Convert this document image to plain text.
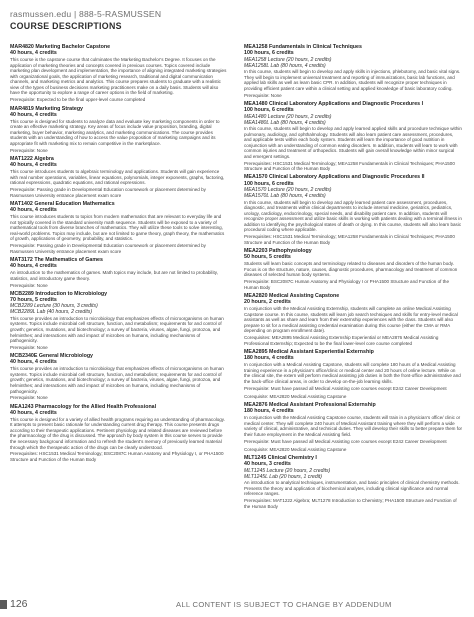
rasmussen.edu | 888-5-RASMUSSEN
COURSE DESCRIPTIONS
MAR4820 Marketing Bachelor Capstone
40 hours, 4 credits
This course is the capstone course that culminates the Marketing Bachelor’s Degree. It focuses on the application of marketing theories and concepts covered in previous courses. Topics covered include marketing plan development and implementation, the importance of aligning integrated marketing strategies with organizational goals, the application of marketing research, traditional and digital communication channels, and marketing metrics and analytics. This course prepares students to graduate with a realistic view of the types of business decisions marketing practitioners make on a daily basis. Students will also have the opportunity to explore a range of career options in the field of marketing.
Prerequisite: Expected to be the final upper-level course completed
MAR4819 Marketing Strategy
40 hours, 4 credits
This course is designed for students to analyze data and evaluate key marketing components in order to create an effective marketing strategy. Key areas of focus include value proposition, branding, digital marketing, buyer behavior, marketing analytics, and marketing communications. The course provides students with an understanding of how to access the value proposition of marketing campaigns and its appropriate fit with marketing mix to remain competitive in the marketplace.
Prerequisite: None
MAT1222 Algebra
40 hours, 4 credits
This course introduces students to algebraic terminology and applications. Students will gain experience with real number operations, variables, linear equations, polynomials, integer exponents, graphs, factoring, rational expressions, quadratic equations, and rational expressions.
Prerequisite: Passing grade in Developmental Education coursework or placement determined by Rasmussen University entrance placement exam score
MAT1402 General Education Mathematics
40 hours, 4 credits
This course introduces students to topics from modern mathematics that are relevant to everyday life and not typically covered in the standard university math sequence. Students will be exposed to a variety of mathematical tools from diverse branches of mathematics. They will utilize these tools to solve interesting, real-world problems. Topics may include, but are not limited to game theory, graph theory, the mathematics of growth, applications of geometry, probability, and statistics.
Prerequisite: Passing grade in Developmental Education coursework or placement determined by Rasmussen University entrance placement exam score
MAT3172 The Mathematics of Games
40 hours, 4 credits
An introduction to the mathematics of games. Math topics may include, but are not limited to probability, statistics, and introductory game theory.
Prerequisite: None
MCB2289 Introduction to Microbiology
70 hours, 5 credits
MCB2289 Lecture (30 hours, 3 credits)
MCB2289L Lab (40 hours, 2 credits)
This course provides an introduction to microbiology that emphasizes effects of microorganisms on human systems. Topics include microbial cell structure, function, and metabolism; requirements for and control of growth; genetics, mutations, and biotechnology; a survey of bacteria, viruses, algae, fungi, protozoa, and helminthes; and interactions with and impact of microbes on humans, including mechanisms of pathogenicity.
Prerequisite: None
MCB2340E General Microbiology
40 hours, 4 credits
This course provides an introduction to microbiology that emphasizes effects of microorganisms on human systems. Topics include microbial cell structure, function, and metabolism; requirements for and control of growth; genetics, mutations, and biotechnology; a survey of bacteria, viruses, algae, fungi, protozoa, and helminthes; and interactions with and impact of microbes on humans, including mechanisms of pathogenicity.
Prerequisite: None
MEA1243 Pharmacology for the Allied Health Professional
40 hours, 4 credits
This course is designed for a variety of allied health programs requiring an understanding of pharmacology. It attempts to present basic rationale for understanding current drug therapy. This course presents drugs according to their therapeutic applications. Pertinent physiology and related diseases are reviewed before the pharmacology of the drug is discussed. The approach by body system in this course serves to provide the necessary background information and to refresh the student’s memory of previously learned material through which the therapeutic action of the drugs can be clearly understood.
Prerequisites: HSC1531 Medical Terminology; BSC2087C Human Anatomy and Physiology I, or PHA1500 Structure and Function of the Human Body
MEA1258 Fundamentals in Clinical Techniques
100 hours, 6 credits
MEA1258 Lecture (20 hours, 2 credits)
MEA1258L Lab (80 hours, 4 credits)
In this course, students will begin to develop and apply skills in injections, phlebotomy, and basic vital signs. They will begin to implement universal treatment and reporting of immunizations, basic lab functions, and applied lab skills as well as learn basic CPR. In addition, students will recognize proper techniques in providing efficient patient care within a clinical setting and applied knowledge of basic laboratory coding.
Prerequisite: None
MEA1480 Clinical Laboratory Applications and Diagnostic Procedures I
100 hours, 6 credits
MEA1480 Lecture (20 hours, 2 credits)
MEA1480L Lab (80 hours, 4 credits)
In this course, students will begin to develop and apply learned applied skills and procedure technique within pulmonary, audiology, and ophthalmology. Students will also learn patient care assessment, procedures, and applicable tests within each body system. Students will learn the importance of good nutrition in conjunction with an understanding of common eating disorders. In addition, students will learn to work with common injuries and treatment of orthopedics. Students will gain overall knowledge within minor surgical and emergent settings.
Prerequisites: HSC1531 Medical Terminology; MEA1258 Fundamentals in Clinical Techniques; PHA1500 Structure and Function of the Human Body
MEA1570 Clinical Laboratory Applications and Diagnostic Procedures II
100 hours, 6 credits
MEA1570 Lecture (20 hours, 2 credits)
MEA1570L Lab (80 hours, 4 credits)
In this course, students will begin to develop and apply learned patient care assessment, procedures, diagnostic, and treatments within clinical departments to include internal medicine, geriatrics, pediatrics, urology, cardiology, endocrinology, special needs, and disability patient care. In addition, students will recognize proper assessment and utilize basic skills in working with patients dealing with a terminal illness in addition to identifying the psychological states of death or dying. In this course, students will also learn basic procedural coding where applicable.
Prerequisites: HSC1531 Medical Terminology; MEA1258 Fundamentals in Clinical Techniques; PHA1500 Structure and Function of the Human Body
MEA2203 Pathophysiology
50 hours, 5 credits
Students will learn basic concepts and terminology related to diseases and disorders of the human body. Focus is on the structure, nature, causes, diagnostic procedures, pharmacology and treatment of common diseases of selected human body systems.
Prerequisite: BSC2087C Human Anatomy and Physiology I or PHA1500 Structure and Function of the Human Body
MEA2820 Medical Assisting Capstone
20 hours, 2 credits
In conjunction with the Medical Assisting Externship, students will complete an online Medical Assisting Capstone course. In this course, students will learn job search techniques and skills for entry-level medical assistants as well as share and learn from their externship experiences with the class. Students will also prepare to sit for a medical assisting credential examination during this course (either the CMA or RMA depending on program enrollment date).
Corequisites: MEA2895 Medical Assisting Externship Experiential or MEA2876 Medical Assisting Professional Externship; Expected to be the final lower-level core course completed
MEA2895 Medical Assistant Experiential Externship
180 hours, 4 credits
In conjunction with a Medical Assisting Capstone, students will complete 180 hours of a Medical Assisting training experience in a physician’s office/clinic or medical center and 20 hours of online lecture. While on the clinical site, the extern will perform medical assisting job duties in both the front-office administrative and the back-office clinical areas, in order to develop on-the-job learning skills.
Prerequisite: Must have passed all Medical Assisting core courses except E242 Career Development
Corequisite: MEA2820 Medical Assisting Capstone
MEA2876 Medical Assistant Professional Externship
180 hours, 4 credits
In conjunction with the Medical Assisting Capstone course, students will train in a physician’s office/ clinic or medical center. They will complete 240 hours of Medical Assistant training where they will perform a wide variety of clinical, administrative, and technical duties. They will develop their skills to better prepare them for their future employment in the Medical Assisting field.
Prerequisite: Must have passed all Medical Assisting core courses except E242 Career Development
Corequisite: MEA2820 Medical Assisting Capstone
MLT1245 Clinical Chemistry I
40 hours, 3 credits
MLT1245 Lecture (20 hours, 2 credits)
MLT1245L Lab (20 hours, 1 credit)
An introduction to analytical techniques, instrumentation, and basic principles of clinical chemistry methods. Presents the theory and application of biochemical analytes, including clinical significance and normal reference ranges.
Prerequisites: MAT1222 Algebra; MLT1278 Introduction to Chemistry; PHA1500 Structure and Function of the Human Body
126	ALL CONTENT IS SUBJECT TO CHANGE BY ADDENDUM
